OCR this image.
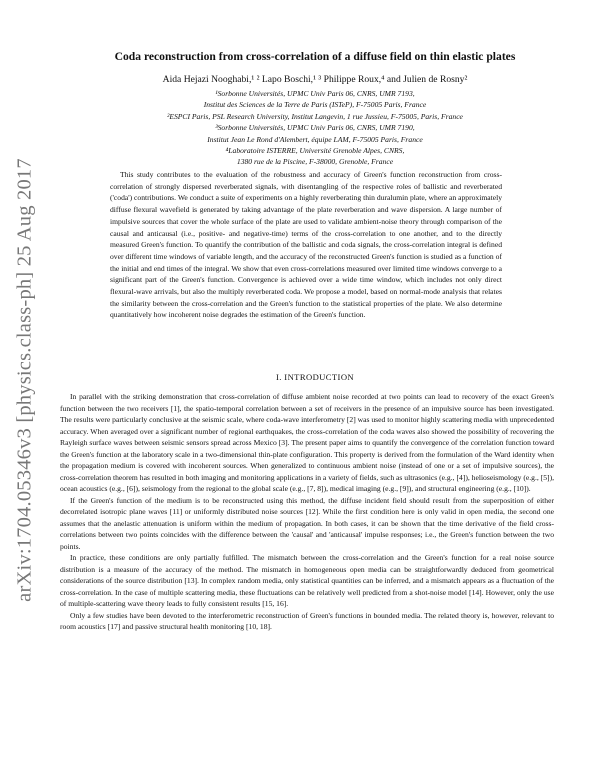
arXiv:1704.05346v3 [physics.class-ph] 25 Aug 2017
Coda reconstruction from cross-correlation of a diffuse field on thin elastic plates
Aida Hejazi Nooghabi,¹ ² Lapo Boschi,¹ ³ Philippe Roux,⁴ and Julien de Rosny²
¹Sorbonne Universités, UPMC Univ Paris 06, CNRS, UMR 7193,
Institut des Sciences de la Terre de Paris (ISTeP), F-75005 Paris, France
²ESPCI Paris, PSL Research University, Institut Langevin, 1 rue Jussieu, F-75005, Paris, France
³Sorbonne Universités, UPMC Univ Paris 06, CNRS, UMR 7190,
Institut Jean Le Rond d'Alembert, équipe LAM, F-75005 Paris, France
⁴Laboratoire ISTERRE, Université Grenoble Alpes, CNRS,
1380 rue de la Piscine, F-38000, Grenoble, France

This study contributes to the evaluation of the robustness and accuracy of Green's function reconstruction from cross-correlation of strongly dispersed reverberated signals, with disentangling of the respective roles of ballistic and reverberated ('coda') contributions. We conduct a suite of experiments on a highly reverberating thin duralumin plate, where an approximately diffuse flexural wavefield is generated by taking advantage of the plate reverberation and wave dispersion. A large number of impulsive sources that cover the whole surface of the plate are used to validate ambient-noise theory through comparison of the causal and anticausal (i.e., positive- and negative-time) terms of the cross-correlation to one another, and to the directly measured Green's function. To quantify the contribution of the ballistic and coda signals, the cross-correlation integral is defined over different time windows of variable length, and the accuracy of the reconstructed Green's function is studied as a function of the initial and end times of the integral. We show that even cross-correlations measured over limited time windows converge to a significant part of the Green's function. Convergence is achieved over a wide time window, which includes not only direct flexural-wave arrivals, but also the multiply reverberated coda. We propose a model, based on normal-mode analysis that relates the similarity between the cross-correlation and the Green's function to the statistical properties of the plate. We also determine quantitatively how incoherent noise degrades the estimation of the Green's function.

I. INTRODUCTION

In parallel with the striking demonstration that cross-correlation of diffuse ambient noise recorded at two points can lead to recovery of the exact Green's function between the two receivers [1], the spatio-temporal correlation between a set of receivers in the presence of an impulsive source has been investigated. The results were particularly conclusive at the seismic scale, where coda-wave interferometry [2] was used to monitor highly scattering media with unprecedented accuracy. When averaged over a significant number of regional earthquakes, the cross-correlation of the coda waves also showed the possibility of recovering the Rayleigh surface waves between seismic sensors spread across Mexico [3]. The present paper aims to quantify the convergence of the correlation function toward the Green's function at the laboratory scale in a two-dimensional thin-plate configuration. This property is derived from the formulation of the Ward identity when the propagation medium is covered with incoherent sources. When generalized to continuous ambient noise (instead of one or a set of impulsive sources), the cross-correlation theorem has resulted in both imaging and monitoring applications in a variety of fields, such as ultrasonics (e.g., [4]), helioseismology (e.g., [5]), ocean acoustics (e.g., [6]), seismology from the regional to the global scale (e.g., [7, 8]), medical imaging (e.g., [9]), and structural engineering (e.g., [10]).

If the Green's function of the medium is to be reconstructed using this method, the diffuse incident field should result from the superposition of either decorrelated isotropic plane waves [11] or uniformly distributed noise sources [12]. While the first condition here is only valid in open media, the second one assumes that the anelastic attenuation is uniform within the medium of propagation. In both cases, it can be shown that the time derivative of the field cross-correlations between two points coincides with the difference between the 'causal' and 'anticausal' impulse responses; i.e., the Green's function between the two points.

In practice, these conditions are only partially fulfilled. The mismatch between the cross-correlation and the Green's function for a real noise source distribution is a measure of the accuracy of the method. The mismatch in homogeneous open media can be straightforwardly deduced from geometrical considerations of the source distribution [13]. In complex random media, only statistical quantities can be inferred, and a mismatch appears as a fluctuation of the cross-correlation. In the case of multiple scattering media, these fluctuations can be relatively well predicted from a shot-noise model [14]. However, only the use of multiple-scattering wave theory leads to fully consistent results [15, 16].

Only a few studies have been devoted to the interferometric reconstruction of Green's functions in bounded media. The related theory is, however, relevant to room acoustics [17] and passive structural health monitoring [10, 18].
